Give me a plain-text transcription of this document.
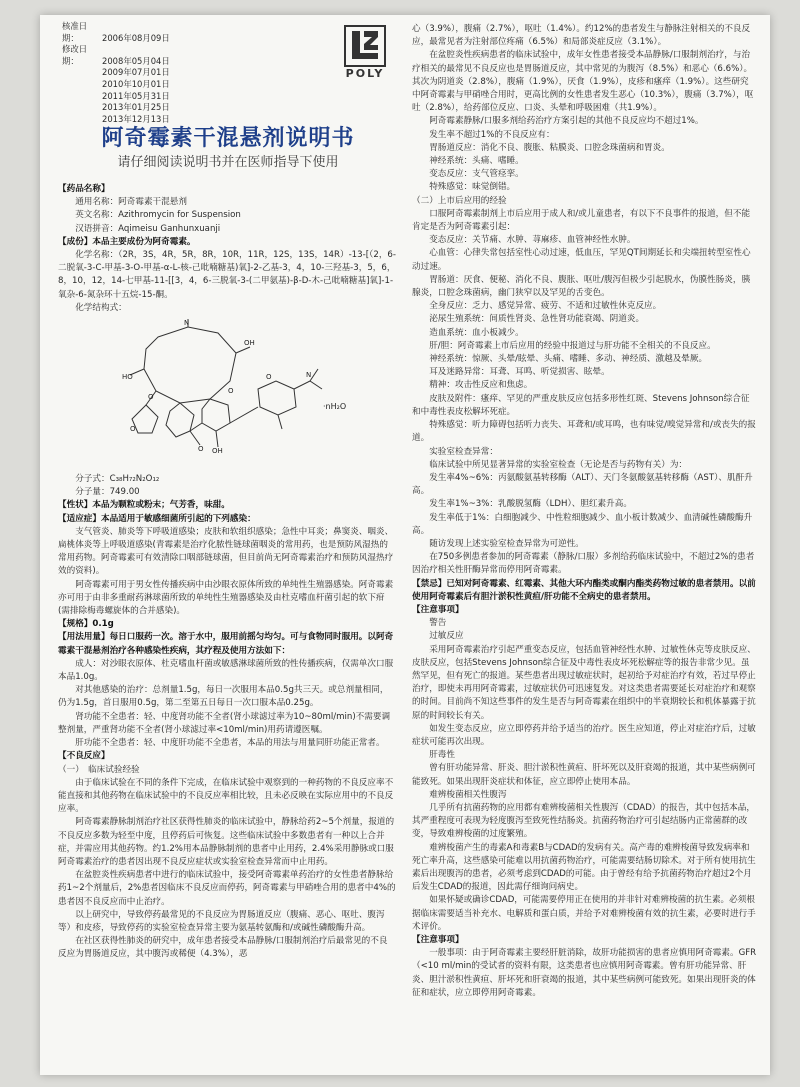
核准日期：	2006年08月09日
修改日期：	2008年05月04日
2009年07月01日
2010年10月01日
2011年05月31日
2013年01月25日
2013年12月13日
POLY
阿奇霉素干混悬剂说明书
请仔细阅读说明书并在医师指导下使用

【药品名称】

通用名称：阿奇霉素干混悬剂

英文名称：Azithromycin for Suspension

汉语拼音：Aqimeisu Ganhunxuanji

【成份】本品主要成份为阿奇霉素。

化学名称：（2R，3S，4R，5R，8R，10R，11R，12S，13S，14R）-13-[（2，6-二脱氧-3-C-甲基-3-O-甲基-α-L-核-己吡喃糖基)氧]-2-乙基-3，4，10-三羟基-3，5，6，8，10，12，14-七甲基-11-[[3，4，6-三脱氧-3-(二甲氨基)-β-D-木-己吡喃糖基]氧]-1-氧杂-6-氮杂环十五烷-15-酮。

化学结构式：

N
O
O
O
O	N
OH
O
HO
OH
·nH₂O

分子式：C₃₈H₇₂N₂O₁₂

分子量：749.00

【性状】本品为颗粒或粉末；气芳香，味甜。

【适应症】本品适用于敏感细菌所引起的下列感染：

支气管炎、肺炎等下呼吸道感染；皮肤和软组织感染；急性中耳炎；鼻窦炎、咽炎、扁桃体炎等上呼吸道感染(青霉素是治疗化脓性链球菌咽炎的常用药，也是预防风湿热的常用药物。阿奇霉素可有效清除口咽部链球菌，但目前尚无阿奇霉素治疗和预防风湿热疗效的资料)。

阿奇霉素可用于男女性传播疾病中由沙眼衣原体所致的单纯性生殖器感染。阿奇霉素亦可用于由非多重耐药淋球菌所致的单纯性生殖器感染及由杜克嗜血杆菌引起的软下疳(需排除梅毒螺旋体的合并感染)。

【规格】0.1g

【用法用量】每日口服药一次。溶于水中，服用前摇匀均匀。可与食物同时服用。以阿奇霉素干混悬剂治疗各种感染性疾病，其疗程及使用方法如下：

成人：对沙眼衣原体、杜克嗜血杆菌或敏感淋球菌所致的性传播疾病，仅需单次口服本品1.0g。

对其他感染的治疗：总剂量1.5g，每日一次服用本品0.5g共三天。或总剂量相同，仍为1.5g，首日服用0.5g，第二至第五日每日一次口服本品0.25g。

肾功能不全患者：轻、中度肾功能不全者(肾小球滤过率为10~80ml/min)不需要调整剂量，严重肾功能不全者(肾小球滤过率<10ml/min)用药请遵医嘱。

肝功能不全患者：轻、中度肝功能不全患者，本品的用法与用量同肝功能正常者。

【不良反应】

（一）　临床试验经验

由于临床试验在不同的条件下完成，在临床试验中观察到的一种药物的不良反应率不能直接和其他药物在临床试验中的不良反应率相比较，且未必反映在实际应用中的不良反应率。

阿奇霉素静脉制剂治疗社区获得性肺炎的临床试验中，静脉给药2~5个剂量，报道的不良反应多数为轻至中度，且停药后可恢复。这些临床试验中多数患者有一种以上合并症，并需应用其他药物。约1.2%用本品静脉制剂的患者中止用药，2.4%采用静脉或口服阿奇霉素治疗的患者因出现不良反应症状或实验室检查异常而中止用药。

在盆腔炎性疾病患者中进行的临床试验中，接受阿奇霉素单药治疗的女性患者静脉给药1~2个剂量后，2%患者因临床不良反应而停药，阿奇霉素与甲硝唑合用的患者中4%的患者因不良反应而中止治疗。

以上研究中，导致停药最常见的不良反应为胃肠道反应（腹痛、恶心、呕吐、腹泻等）和皮疹，导致停药的实验室检查异常主要为氨基转氨酶和/或碱性磷酸酶升高。

在社区获得性肺炎的研究中，成年患者接受本品静脉/口服制剂治疗后最常见的不良反应为胃肠道反应，其中腹泻或稀便（4.3%），恶

心（3.9%），腹痛（2.7%），呕吐（1.4%）。约12%的患者发生与静脉注射相关的不良反应，最常见者为注射部位疼痛（6.5%）和局部炎症反应（3.1%）。

在盆腔炎性疾病患者的临床试验中，成年女性患者接受本品静脉/口服制剂治疗，与治疗相关的最常见不良反应也是胃肠道反应，其中常见的为腹泻（8.5%）和恶心（6.6%）。其次为阴道炎（2.8%），腹痛（1.9%），厌食（1.9%），皮疹和瘙痒（1.9%）。这些研究中阿奇霉素与甲硝唑合用时，更高比例的女性患者发生恶心（10.3%），腹痛（3.7%），呕吐（2.8%），给药部位反应、口炎、头晕和呼吸困难（共1.9%）。

阿奇霉素静脉/口服多剂给药治疗方案引起的其他不良反应均不超过1%。

发生率不超过1%的不良反应有：

胃肠道反应：消化不良、腹胀、粘膜炎、口腔念珠菌病和胃炎。

神经系统：头痛、嗜睡。

变态反应：支气管痉挛。

特殊感觉：味觉倒错。

（二）上市后应用的经验

口服阿奇霉素制剂上市后应用于成人和/或儿童患者，有以下不良事件的报道，但不能肯定是否为阿奇霉素引起：

变态反应：关节痛、水肿、荨麻疹、血管神经性水肿。

心血管：心律失常包括室性心动过速，低血压，罕见QT间期延长和尖端扭转型室性心动过速。

胃肠道：厌食、便秘、消化不良、腹胀、呕吐/腹泻但极少引起脱水，伪膜性肠炎，胰腺炎，口腔念珠菌病，幽门狭窄以及罕见的舌变色。

全身反应：乏力、感觉异常、疲劳、不适和过敏性休克反应。

泌尿生殖系统：间质性肾炎、急性肾功能衰竭、阴道炎。

造血系统：血小板减少。

肝/胆：阿奇霉素上市后应用的经验中报道过与肝功能不全相关的不良反应。

神经系统：惊厥、头晕/眩晕、头痛、嗜睡、多动、神经质、激越及晕厥。

耳及迷路异常：耳聋、耳鸣、听觉损害、眩晕。

精神：攻击性反应和焦虑。

皮肤及附件：瘙痒、罕见的严重皮肤反应包括多形性红斑、Stevens Johnson综合征和中毒性表皮松解坏死症。

特殊感觉：听力障碍包括听力丧失、耳聋和/或耳鸣，也有味觉/嗅觉异常和/或丧失的报道。

实验室检查异常：

临床试验中所见显著异常的实验室检查（无论是否与药物有关）为：

发生率4%~6%：丙氨酸氨基转移酶（ALT）、天门冬氨酸氨基转移酶（AST）、肌酐升高。

发生率1%~3%：乳酸脱氢酶（LDH）、胆红素升高。

发生率低于1%：白细胞减少、中性粒细胞减少、血小板计数减少、血清碱性磷酸酶升高。

随访发现上述实验室检查异常为可逆性。

在750多例患者参加的阿奇霉素（静脉/口服）多剂给药临床试验中，不超过2%的患者因治疗相关性肝酶异常而停用阿奇霉素。

【禁忌】已知对阿奇霉素、红霉素、其他大环内酯类或酮内酯类药物过敏的患者禁用。以前使用阿奇霉素后有胆汁淤积性黄疸/肝功能不全病史的患者禁用。

【注意事项】

警告

过敏反应

采用阿奇霉素治疗引起严重变态反应，包括血管神经性水肿、过敏性休克等皮肤反应、皮肤反应，包括Stevens Johnson综合征及中毒性表皮坏死松解症等的报告非常少见。虽然罕见，但有死亡的报道。某些患者出现过敏症状时，起初给予对症治疗有效，若过早停止治疗，即使未再用阿奇霉素，过敏症状仍可迅速复发。对这类患者需要延长对症治疗和观察的时间。目前尚不知这些事件的发生是否与阿奇霉素在组织中的半衰期较长和机体暴露于抗原的时间较长有关。

如发生变态反应，应立即停药并给予适当的治疗。医生应知道，停止对症治疗后，过敏症状可能再次出现。

肝毒性

曾有肝功能异常、肝炎、胆汁淤积性黄疸、肝坏死以及肝衰竭的报道，其中某些病例可能致死。如果出现肝炎症状和体征，应立即停止使用本品。

难辨梭菌相关性腹泻

几乎所有抗菌药物的应用都有难辨梭菌相关性腹泻（CDAD）的报告，其中包括本品，其严重程度可表现为轻度腹泻至致死性结肠炎。抗菌药物治疗可引起结肠内正常菌群的改变，导致难辨梭菌的过度繁殖。

难辨梭菌产生的毒素A和毒素B与CDAD的发病有关。高产毒的难辨梭菌导致发病率和死亡率升高，这些感染可能难以用抗菌药物治疗，可能需要结肠切除术。对于所有使用抗生素后出现腹泻的患者，必须考虑到CDAD的可能。由于曾经有给予抗菌药物治疗超过2个月后发生CDAD的报道，因此需仔细询问病史。

如果怀疑或确诊CDAD，可能需要停用正在使用的并非针对难辨梭菌的抗生素。必须根据临床需要适当补充水、电解质和蛋白质，并给予对难辨梭菌有效的抗生素，必要时进行手术评价。

【注意事项】

一般事项：由于阿奇霉素主要经肝脏消除，故肝功能损害的患者应慎用阿奇霉素。GFR（<10 ml/min的受试者的资料有限，这类患者也应慎用阿奇霉素。曾有肝功能异常、肝炎、胆汁淤积性黄疸、肝坏死和肝衰竭的报道，其中某些病例可能致死。如果出现肝炎的体征和症状，应立即停用阿奇霉素。
